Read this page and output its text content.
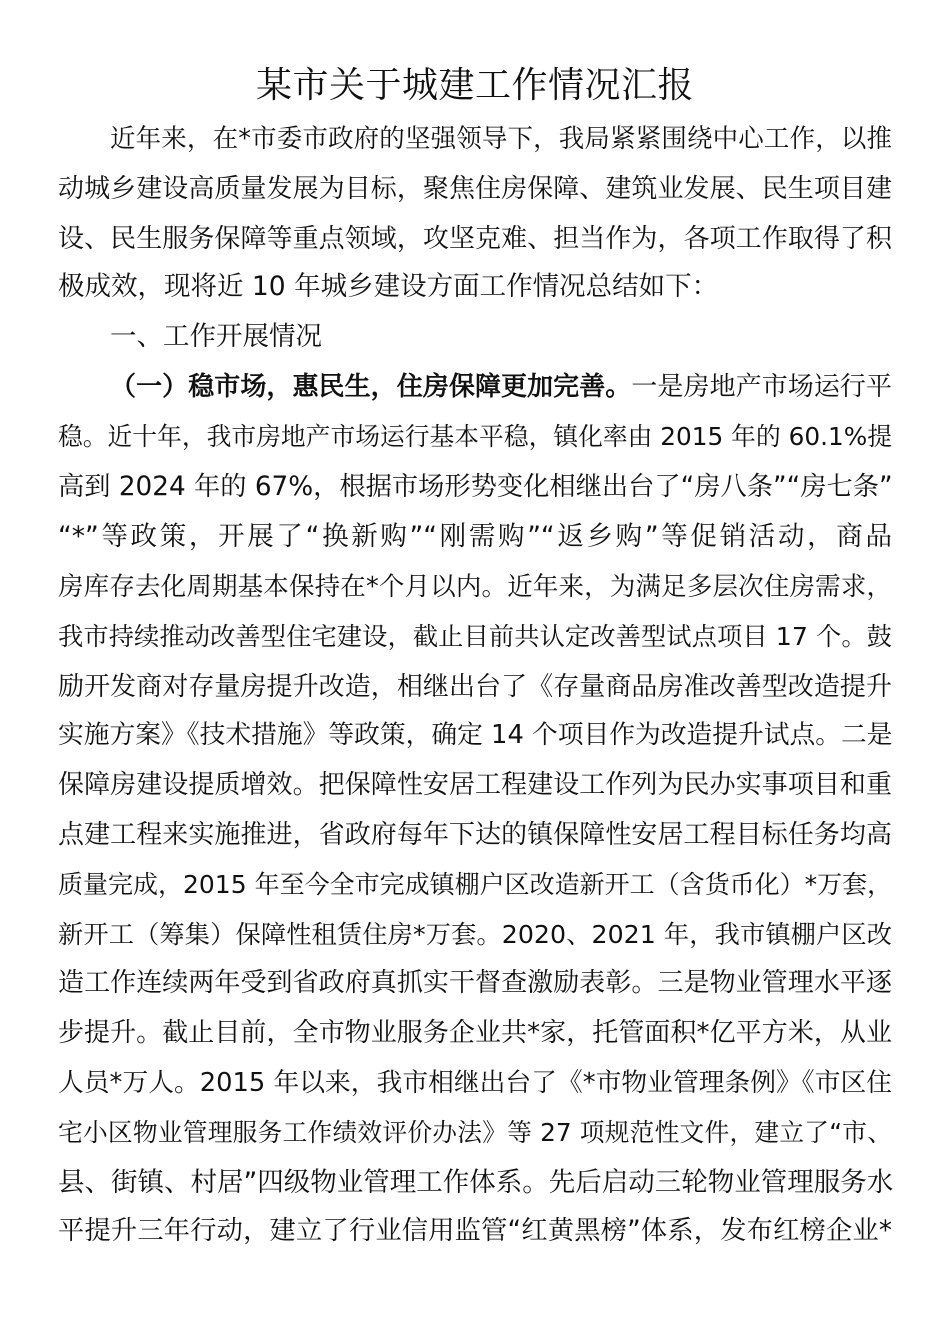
某市关于城建工作情况汇报
近年来，在*市委市政府的坚强领导下，我局紧紧围绕中心工作，以推
动城乡建设高质量发展为目标，聚焦住房保障、建筑业发展、民生项目建
设、民生服务保障等重点领域，攻坚克难、担当作为，各项工作取得了积
极成效，现将近 10 年城乡建设方面工作情况总结如下：
一、工作开展情况
（一）稳市场，惠民生，住房保障更加完善。一是房地产市场运行平
稳。近十年，我市房地产市场运行基本平稳，镇化率由 2015 年的 60.1%提
高到 2024 年的 67%，根据市场形势变化相继出台了“房八条”“房七条”
“*”等政策，开展了“换新购”“刚需购”“返乡购”等促销活动，商品
房库存去化周期基本保持在*个月以内。近年来，为满足多层次住房需求，
我市持续推动改善型住宅建设，截止目前共认定改善型试点项目 17 个。鼓
励开发商对存量房提升改造，相继出台了《存量商品房准改善型改造提升
实施方案》《技术措施》等政策，确定 14 个项目作为改造提升试点。二是
保障房建设提质增效。把保障性安居工程建设工作列为民办实事项目和重
点建工程来实施推进，省政府每年下达的镇保障性安居工程目标任务均高
质量完成，2015 年至今全市完成镇棚户区改造新开工（含货币化）*万套，
新开工（筹集）保障性租赁住房*万套。2020、2021 年，我市镇棚户区改
造工作连续两年受到省政府真抓实干督查激励表彰。三是物业管理水平逐
步提升。截止目前，全市物业服务企业共*家，托管面积*亿平方米，从业
人员*万人。2015 年以来，我市相继出台了《*市物业管理条例》《市区住
宅小区物业管理服务工作绩效评价办法》等 27 项规范性文件，建立了“市、
县、街镇、村居”四级物业管理工作体系。先后启动三轮物业管理服务水
平提升三年行动，建立了行业信用监管“红黄黑榜”体系，发布红榜企业*
